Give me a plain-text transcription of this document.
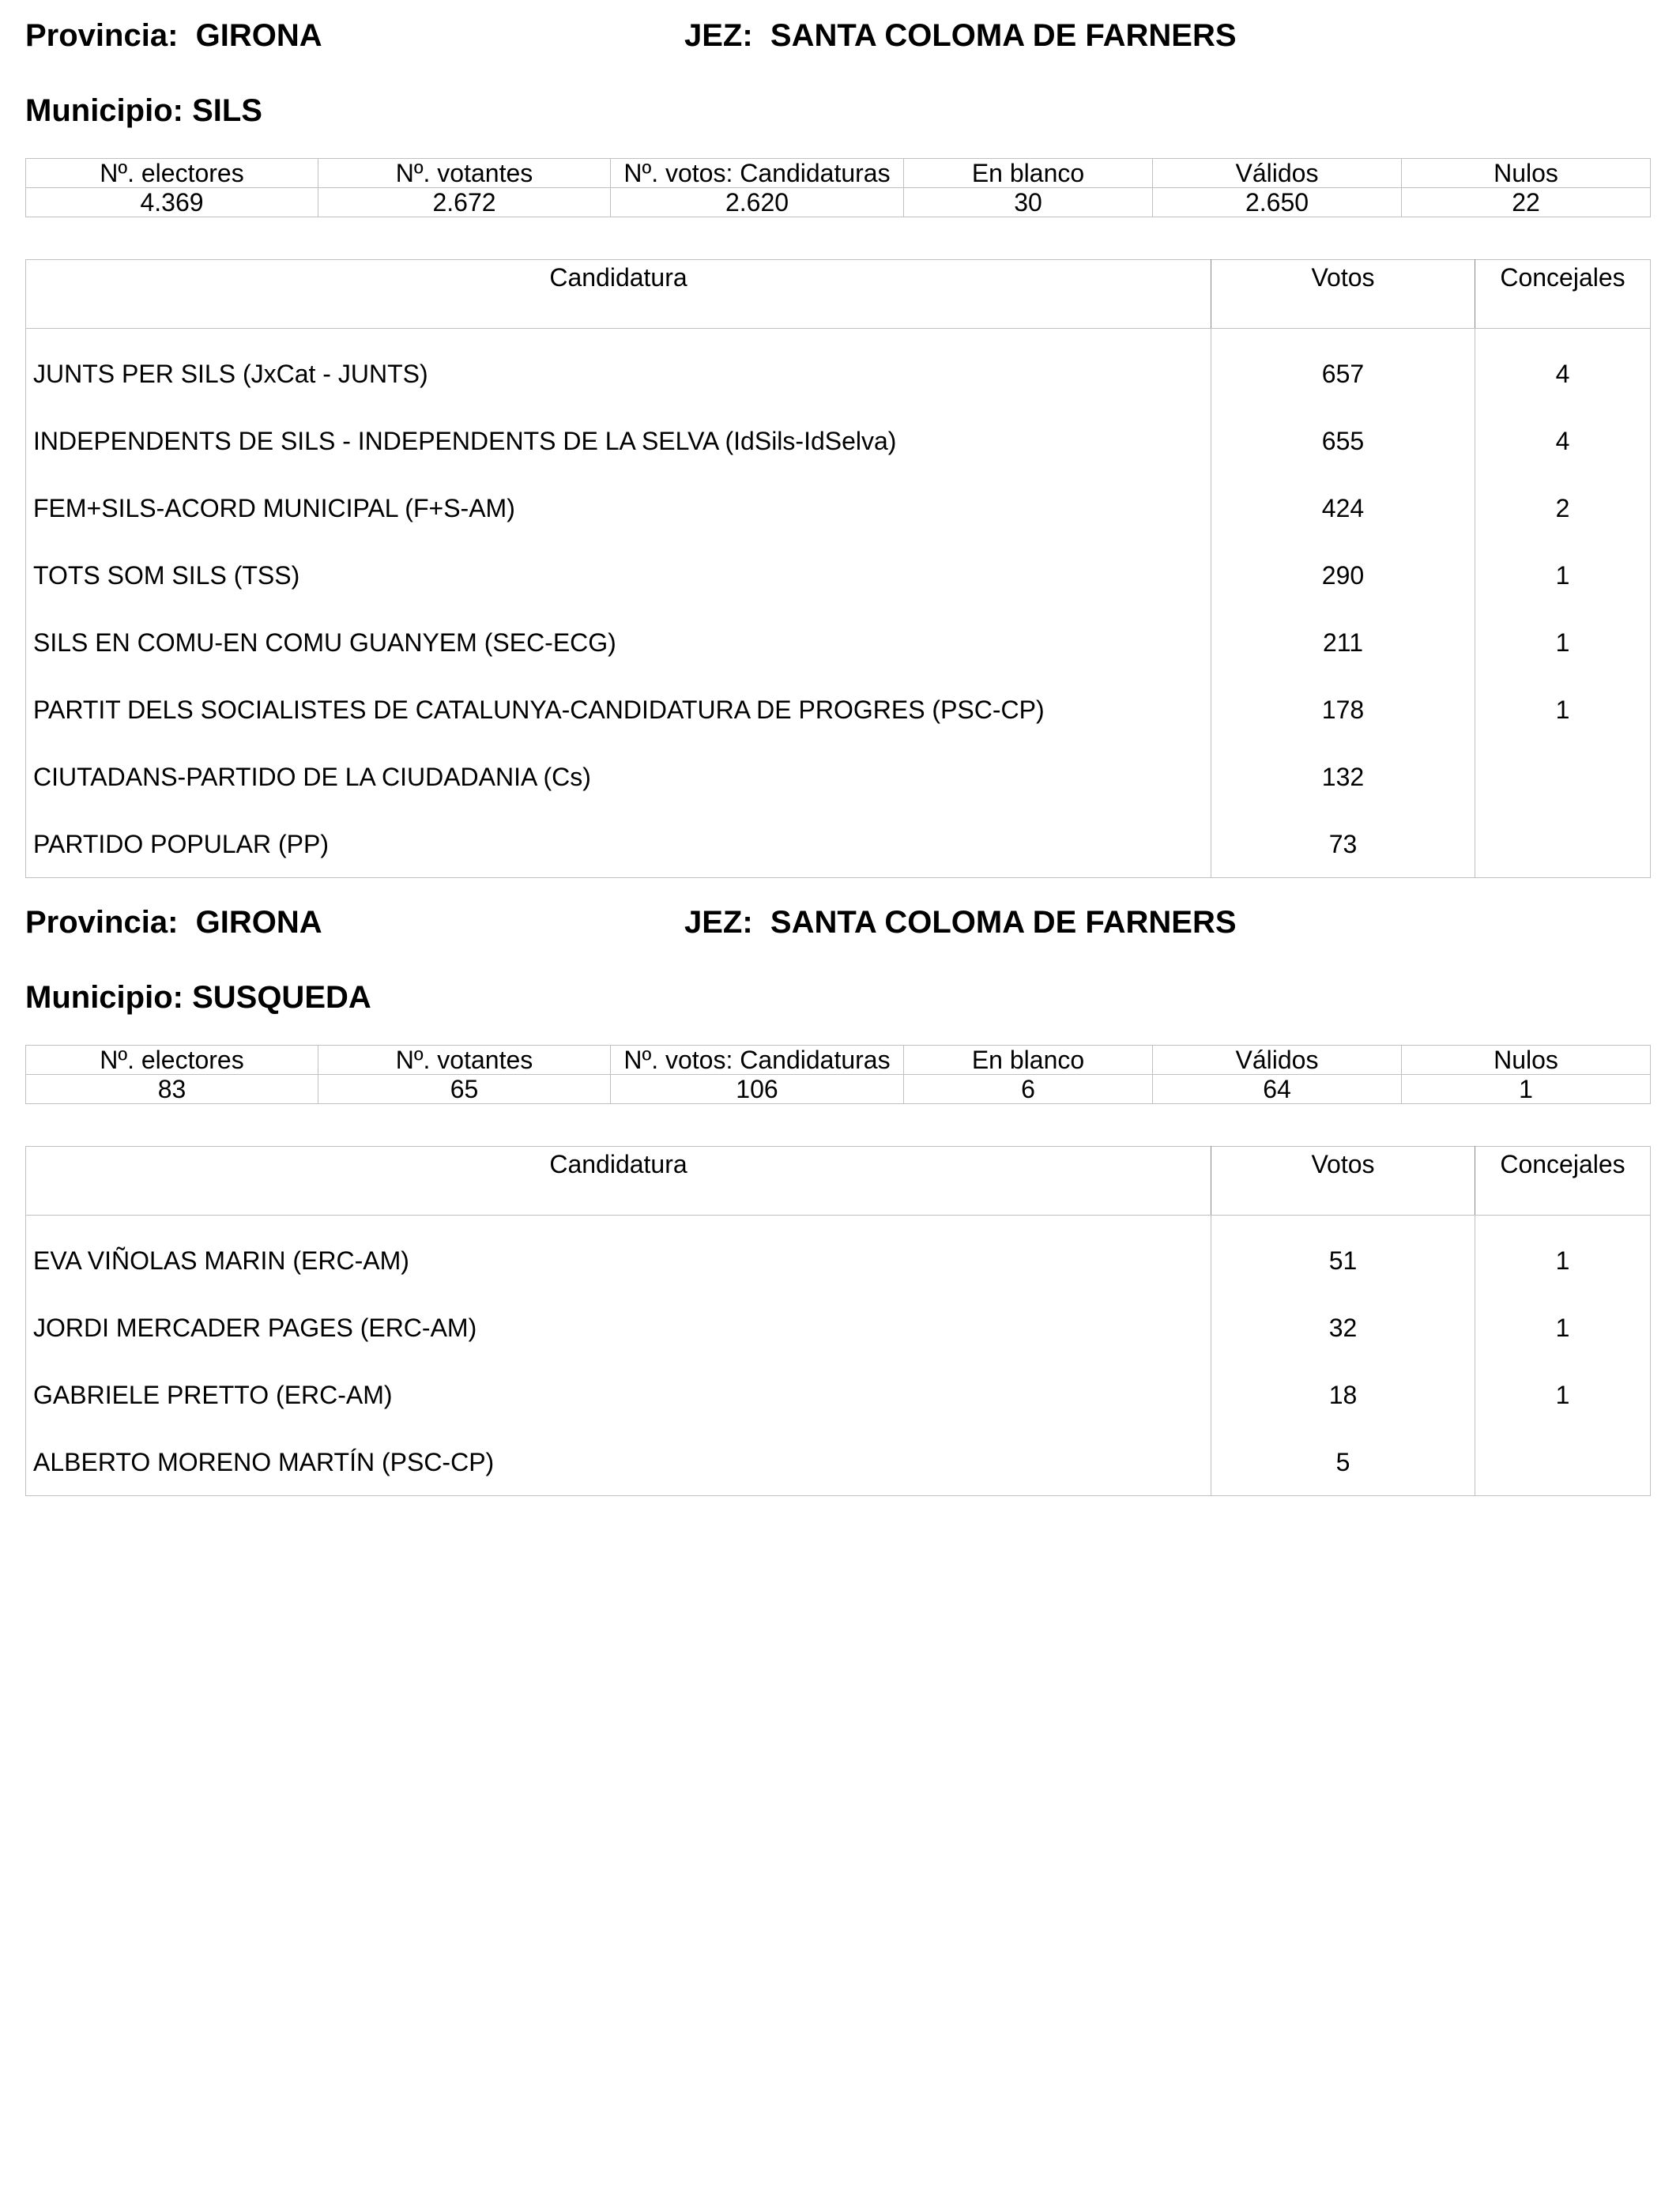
Provincia:  GIRONA	JEZ:  SANTA COLOMA DE FARNERS
Municipio: SILS
Nº. electores	Nº. votantes	Nº. votos: Candidaturas	En blanco	Válidos	Nulos
4.369	2.672	2.620	30	2.650	22
Candidatura	Votos	Concejales

JUNTS PER SILS (JxCat - JUNTS)	657	4
INDEPENDENTS DE SILS - INDEPENDENTS DE LA SELVA (IdSils-IdSelva)	655	4
FEM+SILS-ACORD MUNICIPAL (F+S-AM)	424	2
TOTS SOM SILS (TSS)	290	1
SILS EN COMU-EN COMU GUANYEM (SEC-ECG)	211	1
PARTIT DELS SOCIALISTES DE CATALUNYA-CANDIDATURA DE PROGRES (PSC-CP)	178	1
CIUTADANS-PARTIDO DE LA CIUDADANIA (Cs)	132	
PARTIDO POPULAR (PP)	73	
Provincia:  GIRONA	JEZ:  SANTA COLOMA DE FARNERS
Municipio: SUSQUEDA
Nº. electores	Nº. votantes	Nº. votos: Candidaturas	En blanco	Válidos	Nulos
83	65	106	6	64	1
Candidatura	Votos	Concejales

EVA VIÑOLAS MARIN (ERC-AM)	51	1
JORDI MERCADER PAGES (ERC-AM)	32	1
GABRIELE PRETTO (ERC-AM)	18	1
ALBERTO MORENO MARTÍN (PSC-CP)	5	
